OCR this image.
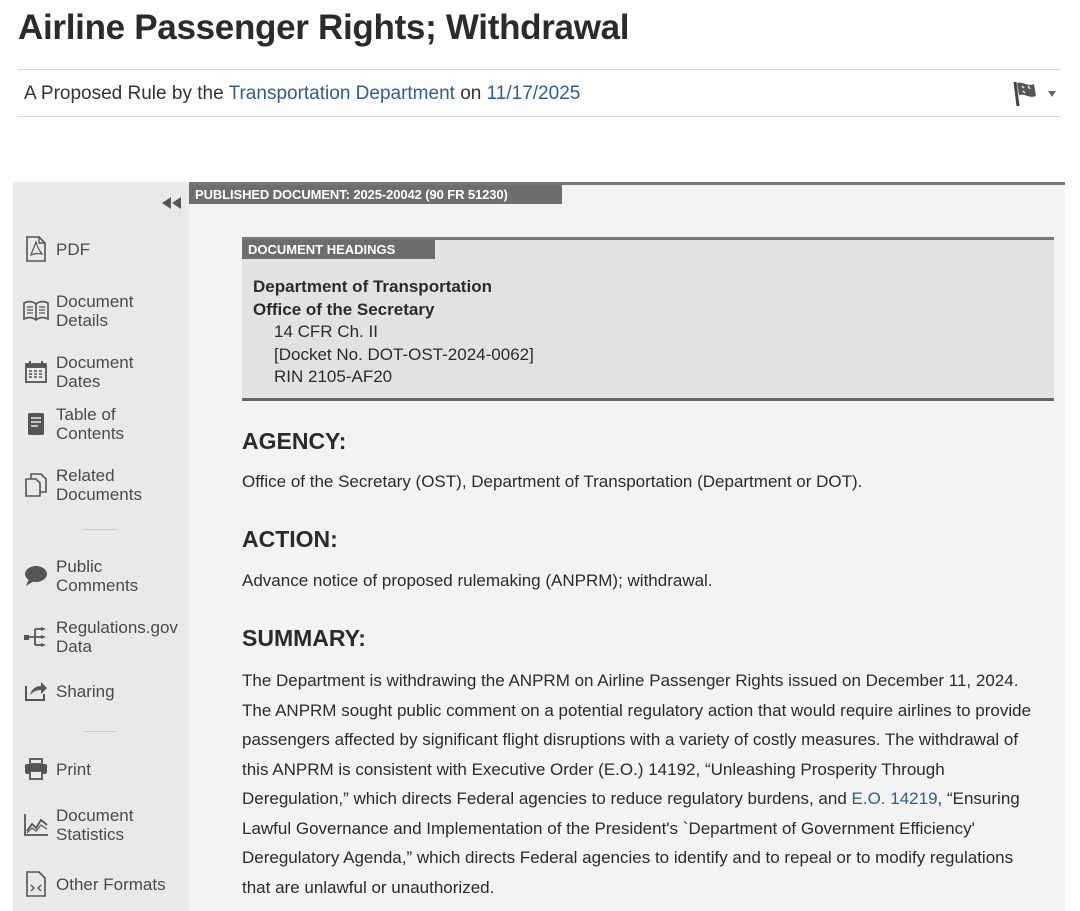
Airline Passenger Rights; Withdrawal
A Proposed Rule by the Transportation Department on 11/17/2025
PDF
Document
Details
Document
Dates
Table of
Contents
Related
Documents
Public
Comments
Regulations.gov
Data
Sharing
Print
Document
Statistics
Other Formats
PUBLISHED DOCUMENT: 2025-20042 (90 FR 51230)
DOCUMENT HEADINGS
Department of Transportation
Office of the Secretary
14 CFR Ch. II
[Docket No. DOT-OST-2024-0062]
RIN 2105-AF20
AGENCY:
Office of the Secretary (OST), Department of Transportation (Department or DOT).
ACTION:
Advance notice of proposed rulemaking (ANPRM); withdrawal.
SUMMARY:
The Department is withdrawing the ANPRM on Airline Passenger Rights issued on December 11, 2024. The ANPRM sought public comment on a potential regulatory action that would require airlines to provide passengers affected by significant flight disruptions with a variety of costly measures. The withdrawal of this ANPRM is consistent with Executive Order (E.O.) 14192, “Unleashing Prosperity Through Deregulation,” which directs Federal agencies to reduce regulatory burdens, and E.O. 14219, “Ensuring Lawful Governance and Implementation of the President's `Department of Government Efficiency' Deregulatory Agenda,” which directs Federal agencies to identify and to repeal or to modify regulations that are unlawful or unauthorized.
